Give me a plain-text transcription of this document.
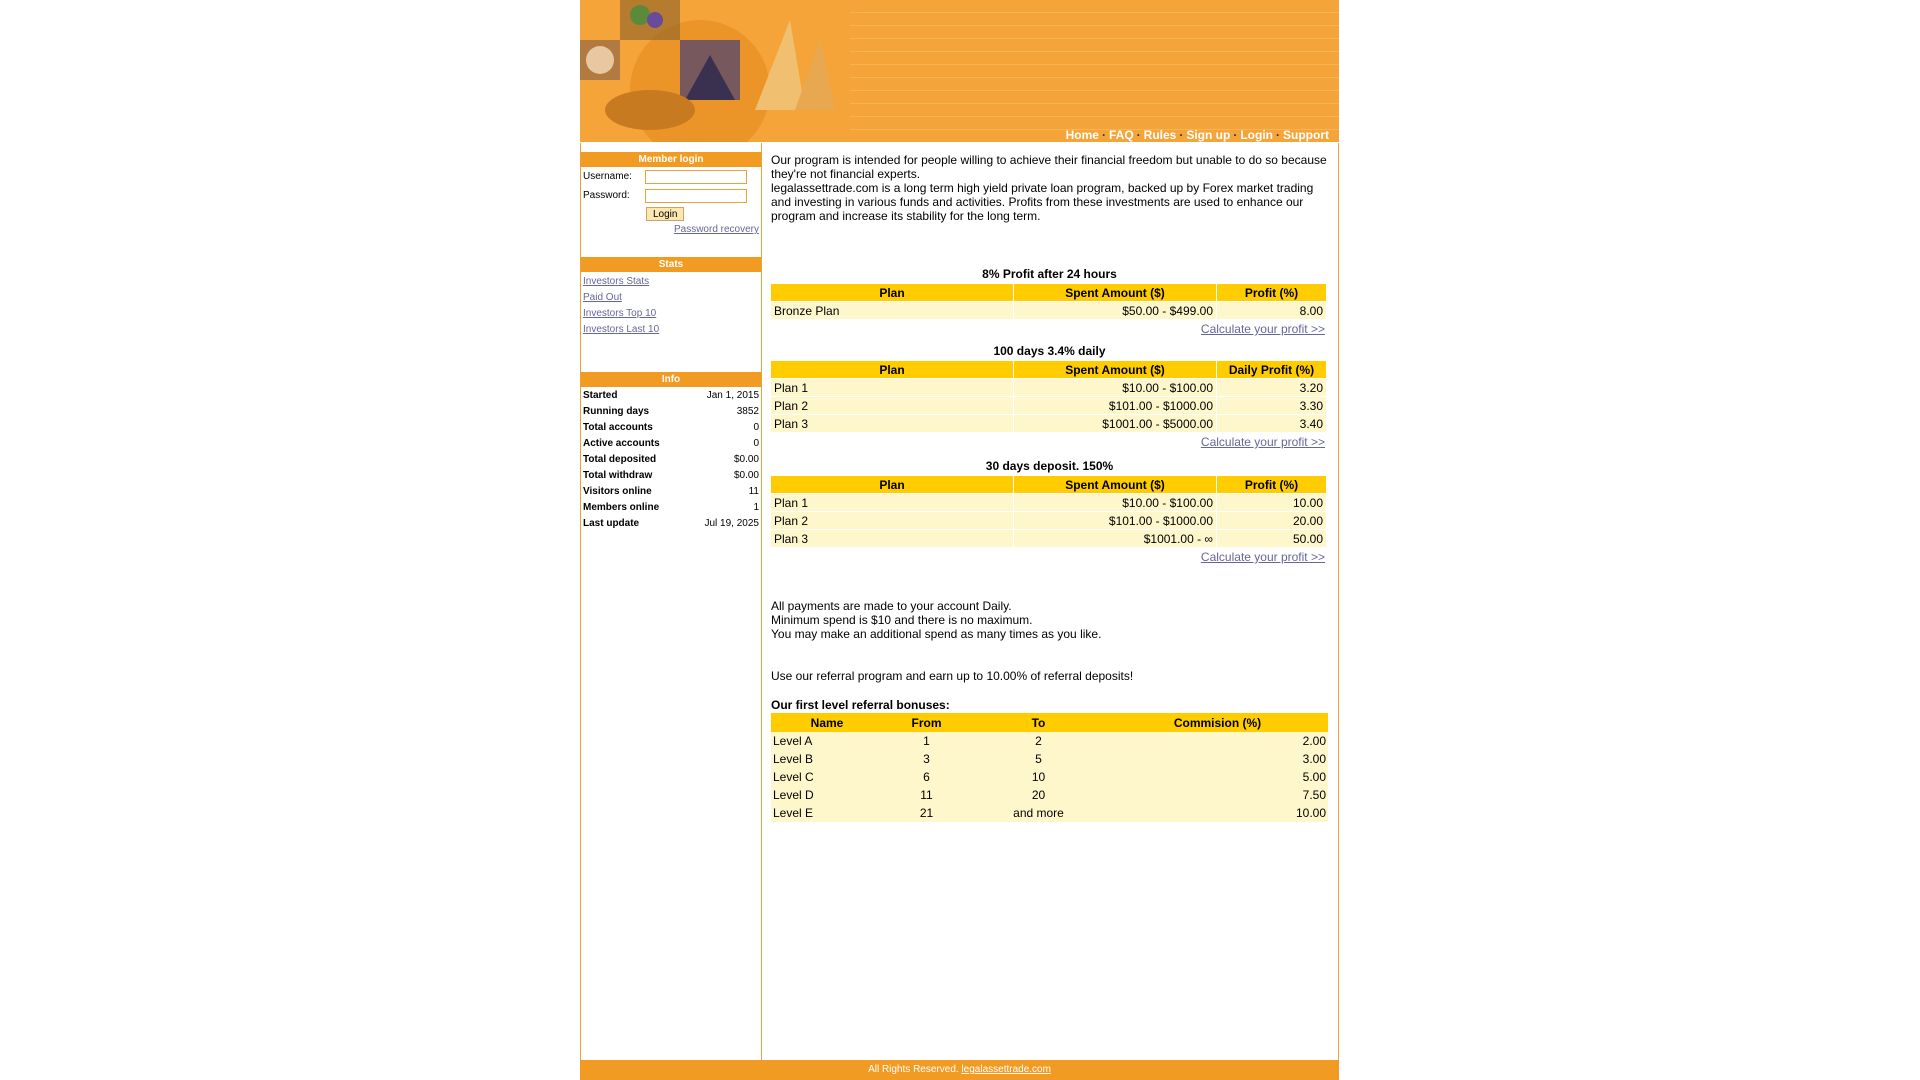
Home · FAQ · Rules · Sign up · Login · Support
Member login
Username:
Password:
Login
Password recovery
Stats
Investors Stats
Paid Out
Investors Top 10
Investors Last 10
Info
Started	Jan 1, 2015
Running days	3852
Total accounts	0
Active accounts	0
Total deposited	$0.00
Total withdraw	$0.00
Visitors online	11
Members online	1
Last update	Jul 19, 2025
Our program is intended for people willing to achieve their financial freedom but unable to do so because they're not financial experts.
legalassettrade.com is a long term high yield private loan program, backed up by Forex market trading and investing in various funds and activities. Profits from these investments are used to enhance our program and increase its stability for the long term.
8% Profit after 24 hours
Plan	Spent Amount ($)	Profit (%)
Bronze Plan	$50.00 - $499.00	8.00
Calculate your profit >>
100 days 3.4% daily
Plan	Spent Amount ($)	Daily Profit (%)
Plan 1	$10.00 - $100.00	3.20
Plan 2	$101.00 - $1000.00	3.30
Plan 3	$1001.00 - $5000.00	3.40
Calculate your profit >>
30 days deposit. 150%
Plan	Spent Amount ($)	Profit (%)
Plan 1	$10.00 - $100.00	10.00
Plan 2	$101.00 - $1000.00	20.00
Plan 3	$1001.00 - ∞	50.00
Calculate your profit >>
All payments are made to your account Daily.
Minimum spend is $10 and there is no maximum.
You may make an additional spend as many times as you like.
Use our referral program and earn up to 10.00% of referral deposits!
Our first level referral bonuses:
Name	From	To	Commision (%)
Level A	1	2	2.00
Level B	3	5	3.00
Level C	6	10	5.00
Level D	11	20	7.50
Level E	21	and more	10.00
All Rights Reserved. legalassettrade.com
